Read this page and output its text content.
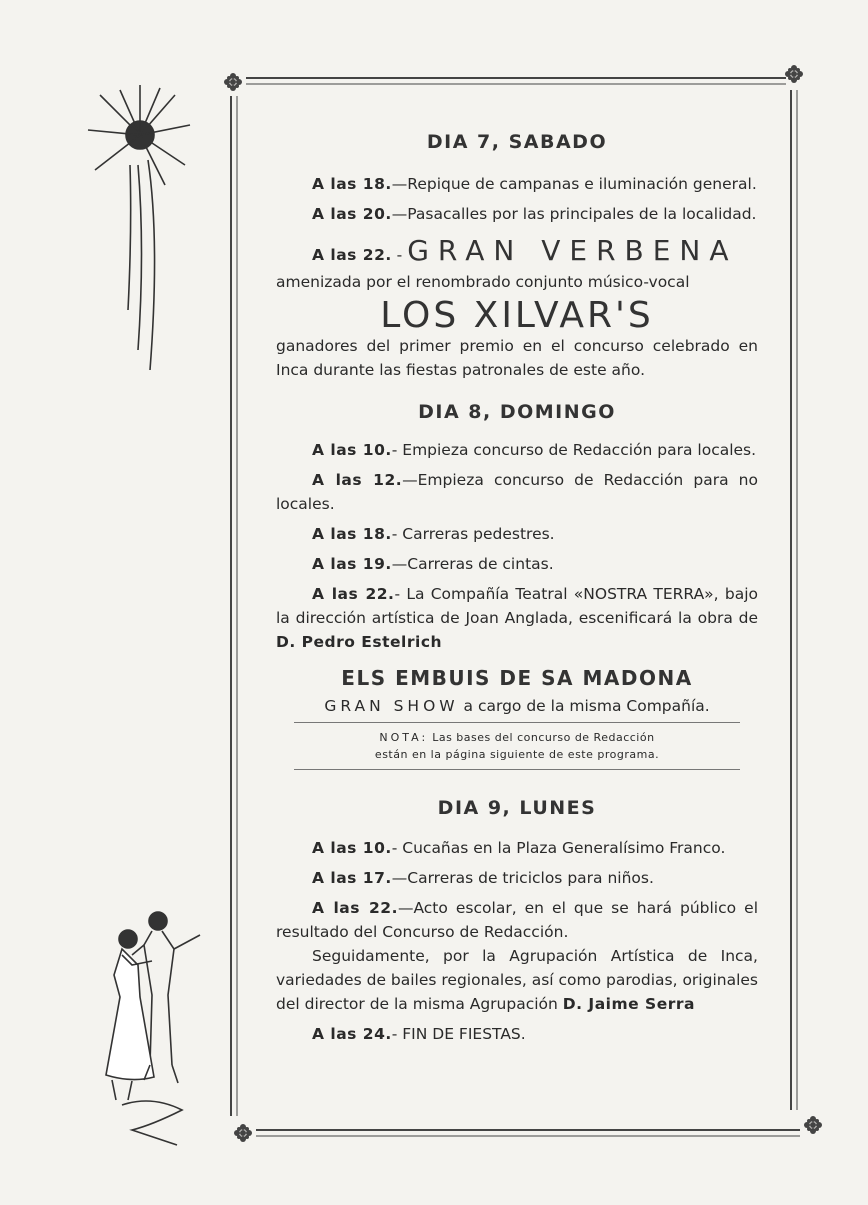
DIA 7, SABADO

A las 18.—Repique de campanas e iluminación general.

A las 20.—Pasacalles por las principales de la localidad.

A las 22. - GRAN VERBENA

amenizada por el renombrado conjunto músico-vocal

LOS XILVAR'S

ganadores del primer premio en el concurso celebrado en Inca durante las fiestas patronales de este año.

DIA 8, DOMINGO

A las 10.- Empieza concurso de Redacción para locales.

A las 12.—Empieza concurso de Redacción para no locales.

A las 18.- Carreras pedestres.

A las 19.—Carreras de cintas.

A las 22.- La Compañía Teatral «NOSTRA TERRA», bajo la dirección artística de Joan Anglada, escenificará la obra de D. Pedro Estelrich

ELS EMBUIS DE SA MADONA

GRAN SHOW a cargo de la misma Compañía.

NOTA: Las bases del concurso de Redacción
están en la página siguiente de este programa.
DIA 9, LUNES

A las 10.- Cucañas en la Plaza Generalísimo Franco.

A las 17.—Carreras de triciclos para niños.

A las 22.—Acto escolar, en el que se hará público el resultado del Concurso de Redacción.

Seguidamente, por la Agrupación Artística de Inca, variedades de bailes regionales, así como parodias, originales del director de la misma Agrupación D. Jaime Serra

A las 24.- FIN DE FIESTAS.
